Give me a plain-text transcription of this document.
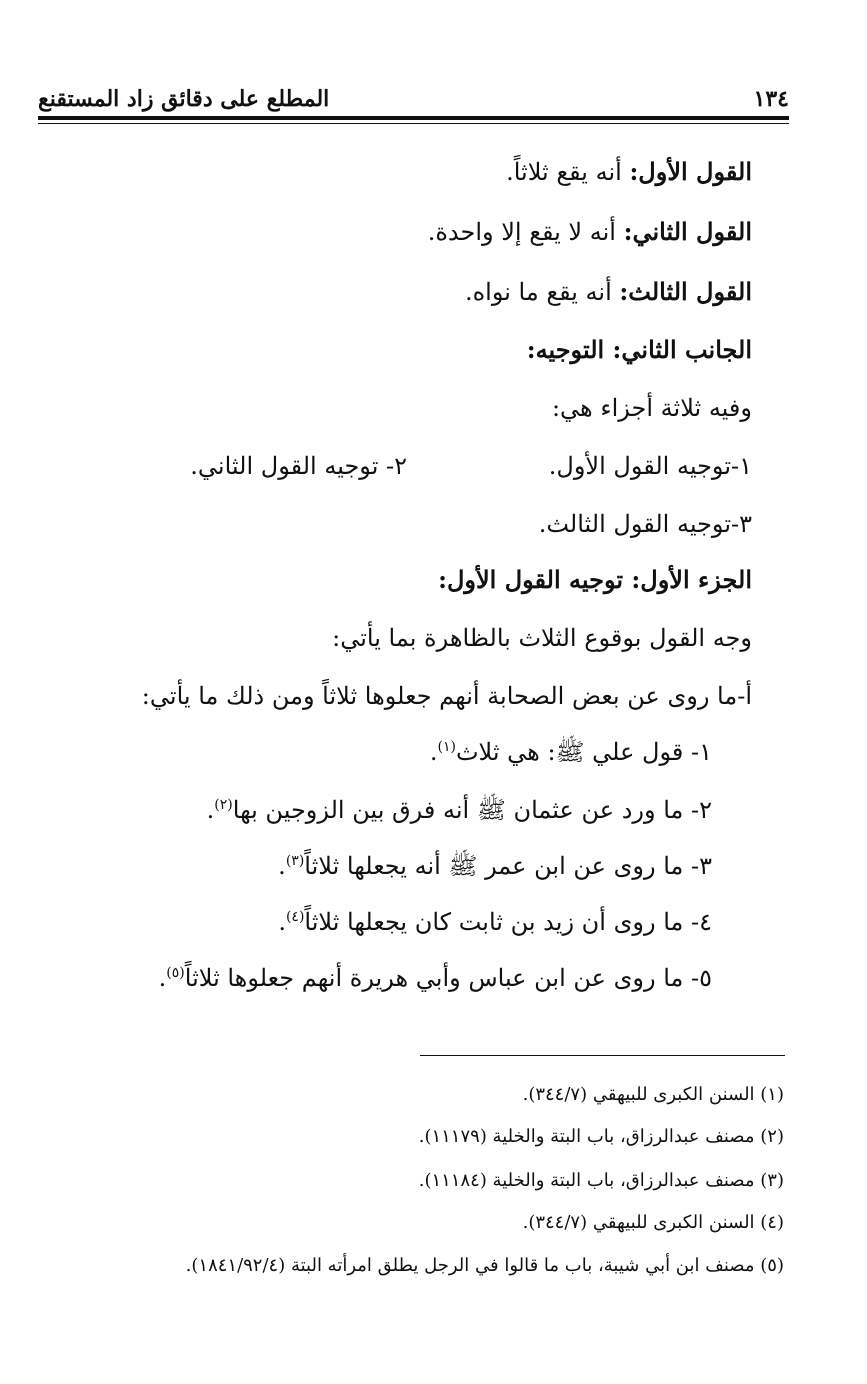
١٣٤
المطلع على دقائق زاد المستقنع
القول الأول: أنه يقع ثلاثاً.
القول الثاني: أنه لا يقع إلا واحدة.
القول الثالث: أنه يقع ما نواه.
الجانب الثاني: التوجيه:
وفيه ثلاثة أجزاء هي:
١-توجيه القول الأول.
٢- توجيه القول الثاني.
٣-توجيه القول الثالث.
الجزء الأول: توجيه القول الأول:
وجه القول بوقوع الثلاث بالظاهرة بما يأتي:
أ-ما روى عن بعض الصحابة أنهم جعلوها ثلاثاً ومن ذلك ما يأتي:
١- قول علي ﷺ: هي ثلاث$^{(١)}$.
٢- ما ورد عن عثمان ﷺ أنه فرق بين الزوجين بها$^{(٢)}$.
٣- ما روى عن ابن عمر ﷺ أنه يجعلها ثلاثاً$^{(٣)}$.
٤- ما روى أن زيد بن ثابت كان يجعلها ثلاثاً$^{(٤)}$.
٥- ما روى عن ابن عباس وأبي هريرة أنهم جعلوها ثلاثاً$^{(٥)}$.
(١) السنن الكبرى للبيهقي (٣٤٤/٧).
(٢) مصنف عبدالرزاق، باب البتة والخلية (١١١٧٩).
(٣) مصنف عبدالرزاق، باب البتة والخلية (١١١٨٤).
(٤) السنن الكبرى للبيهقي (٣٤٤/٧).
(٥) مصنف ابن أبي شيبة، باب ما قالوا في الرجل يطلق امرأته البتة (١٨٤١/٩٢/٤).
